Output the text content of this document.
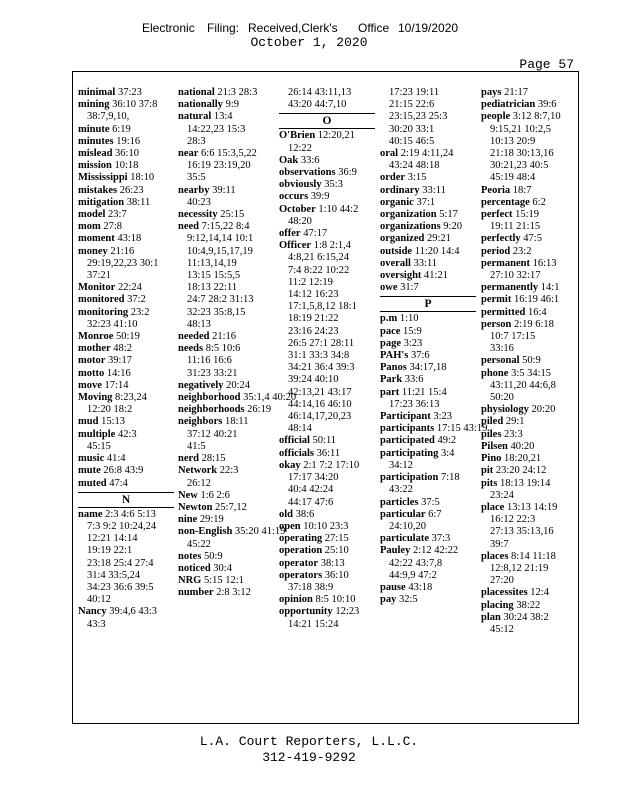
Electronic Filing: Received,Clerk's Office 10/19/2020
October 1, 2020
Page 57
minimal 37:23
mining 36:10 37:8
38:7,9,10,
minute 6:19
minutes 19:16
mislead 36:10
mission 10:18
Mississippi 18:10
mistakes 26:23
mitigation 38:11
model 23:7
mom 27:8
moment 43:18
money 21:16
29:19,22,23 30:1
37:21
Monitor 22:24
monitored 37:2
monitoring 23:2
32:23 41:10
Monroe 50:19
mother 48:2
motor 39:17
motto 14:16
move 17:14
Moving 8:23,24
12:20 18:2
mud 15:13
multiple 42:3
45:15
music 41:4
mute 26:8 43:9
muted 47:4
N
name 2:3 4:6 5:13
7:3 9:2 10:24,24
12:21 14:14
19:19 22:1
23:18 25:4 27:4
31:4 33:5,24
34:23 36:6 39:5
40:12
Nancy 39:4,6 43:3
43:3
national 21:3 28:3
nationally 9:9
natural 13:4
14:22,23 15:3
28:3
near 6:6 15:3,5,22
16:19 23:19,20
35:5
nearby 39:11
40:23
necessity 25:15
need 7:15,22 8:4
9:12,14,14 10:1
10:4,9,15,17,19
11:13,14,19
13:15 15:5,5
18:13 22:11
24:7 28:2 31:13
32:23 35:8,15
48:13
needed 21:16
needs 8:5 10:6
11:16 16:6
31:23 33:21
negatively 20:24
neighborhood 35:1,4 40:20
neighborhoods 26:19
neighbors 18:11
37:12 40:21
41:5
nerd 28:15
Network 22:3
26:12
New 1:6 2:6
Newton 25:7,12
nine 29:19
non-English 35:20 41:19
45:22
notes 50:9
noticed 30:4
NRG 5:15 12:1
number 2:8 3:12
26:14 43:11,13
43:20 44:7,10
O
O'Brien 12:20,21
12:22
Oak 33:6
observations 36:9
obviously 35:3
occurs 39:9
October 1:10 44:2
48:20
offer 47:17
Officer 1:8 2:1,4
4:8,21 6:15,24
7:4 8:22 10:22
11:2 12:19
14:12 16:23
17:1,5,8,12 18:1
18:19 21:22
23:16 24:23
26:5 27:1 28:11
31:1 33:3 34:8
34:21 36:4 39:3
39:24 40:10
42:13,21 43:17
44:14,16 46:10
46:14,17,20,23
48:14
official 50:11
officials 36:11
okay 2:1 7:2 17:10
17:17 34:20
40:4 42:24
44:17 47:6
old 38:6
open 10:10 23:3
operating 27:15
operation 25:10
operator 38:13
operators 36:10
37:18 38:9
opinion 8:5 10:10
opportunity 12:23
14:21 15:24
17:23 19:11
21:15 22:6
23:15,23 25:3
30:20 33:1
40:15 46:5
oral 2:19 4:11,24
43:24 48:18
order 3:15
ordinary 33:11
organic 37:1
organization 5:17
organizations 9:20
organized 29:21
outside 11:20 14:4
overall 33:11
oversight 41:21
owe 31:7
P
p.m 1:10
pace 15:9
page 3:23
PAH's 37:6
Panos 34:17,18
Park 33:6
part 11:21 15:4
17:23 36:13
Participant 3:23
participants 17:15 43:19
participated 49:2
participating 3:4
34:12
participation 7:18
43:22
particles 37:5
particular 6:7
24:10,20
particulate 37:3
Pauley 2:12 42:22
42:22 43:7,8
44:9,9 47:2
pause 43:18
pay 32:5
pays 21:17
pediatrician 39:6
people 3:12 8:7,10
9:15,21 10:2,5
10:13 20:9
21:18 30:13,16
30:21,23 40:5
45:19 48:4
Peoria 18:7
percentage 6:2
perfect 15:19
19:11 21:15
perfectly 47:5
period 23:2
permanent 16:13
27:10 32:17
permanently 14:1
permit 16:19 46:1
permitted 16:4
person 2:19 6:18
10:7 17:15
33:16
personal 50:9
phone 3:5 34:15
43:11,20 44:6,8
50:20
physiology 20:20
piled 29:1
piles 23:3
Pilsen 40:20
Pino 18:20,21
pit 23:20 24:12
pits 18:13 19:14
23:24
place 13:13 14:19
16:12 22:3
27:13 35:13,16
39:7
places 8:14 11:18
12:8,12 21:19
27:20
placessites 12:4
placing 38:22
plan 30:24 38:2
45:12
L.A. Court Reporters, L.L.C.
312-419-9292
